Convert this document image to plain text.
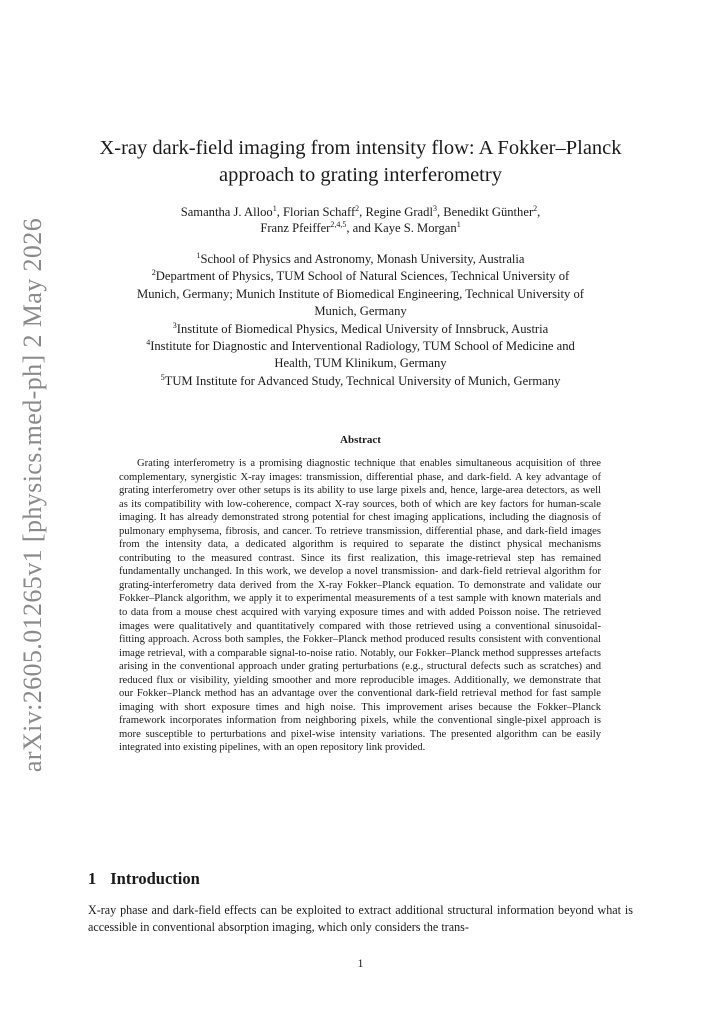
arXiv:2605.01265v1 [physics.med-ph] 2 May 2026
X-ray dark-field imaging from intensity flow: A Fokker–Planck
approach to grating interferometry
Samantha J. Alloo$^1$, Florian Schaff$^2$, Regine Gradl$^3$, Benedikt Günther$^2$,
Franz Pfeiffer$^{2,4,5}$, and Kaye S. Morgan$^1$
$^1$School of Physics and Astronomy, Monash University, Australia
$^2$Department of Physics, TUM School of Natural Sciences, Technical University of
Munich, Germany; Munich Institute of Biomedical Engineering, Technical University of
Munich, Germany
$^3$Institute of Biomedical Physics, Medical University of Innsbruck, Austria
$^4$Institute for Diagnostic and Interventional Radiology, TUM School of Medicine and
Health, TUM Klinikum, Germany
$^5$TUM Institute for Advanced Study, Technical University of Munich, Germany
Abstract

Grating interferometry is a promising diagnostic technique that enables simultaneous acquisition of three complementary, synergistic X-ray images: transmission, differential phase, and dark-field. A key advantage of grating interferometry over other setups is its ability to use large pixels and, hence, large-area detectors, as well as its compatibility with low-coherence, compact X-ray sources, both of which are key factors for human-scale imaging. It has already demonstrated strong potential for chest imaging applications, including the diagnosis of pulmonary emphysema, fibrosis, and cancer. To retrieve transmission, differential phase, and dark-field images from the intensity data, a dedicated algorithm is required to separate the distinct physical mechanisms contributing to the measured contrast. Since its first realization, this image-retrieval step has remained fundamentally unchanged. In this work, we develop a novel transmission- and dark-field retrieval algorithm for grating-interferometry data derived from the X-ray Fokker–Planck equation. To demonstrate and validate our Fokker–Planck algorithm, we apply it to experimental measurements of a test sample with known materials and to data from a mouse chest acquired with varying exposure times and with added Poisson noise. The retrieved images were qualitatively and quantitatively compared with those retrieved using a conventional sinusoidal-fitting approach. Across both samples, the Fokker–Planck method produced results consistent with conventional image retrieval, with a comparable signal-to-noise ratio. Notably, our Fokker–Planck method suppresses artefacts arising in the conventional approach under grating perturbations (e.g., structural defects such as scratches) and reduced flux or visibility, yielding smoother and more reproducible images. Additionally, we demonstrate that our Fokker–Planck method has an advantage over the conventional dark-field retrieval method for fast sample imaging with short exposure times and high noise. This improvement arises because the Fokker–Planck framework incorporates information from neighboring pixels, while the conventional single-pixel approach is more susceptible to perturbations and pixel-wise intensity variations. The presented algorithm can be easily integrated into existing pipelines, with an open repository link provided.

1 Introduction

X-ray phase and dark-field effects can be exploited to extract additional structural information beyond what is accessible in conventional absorption imaging, which only considers the trans-

1
